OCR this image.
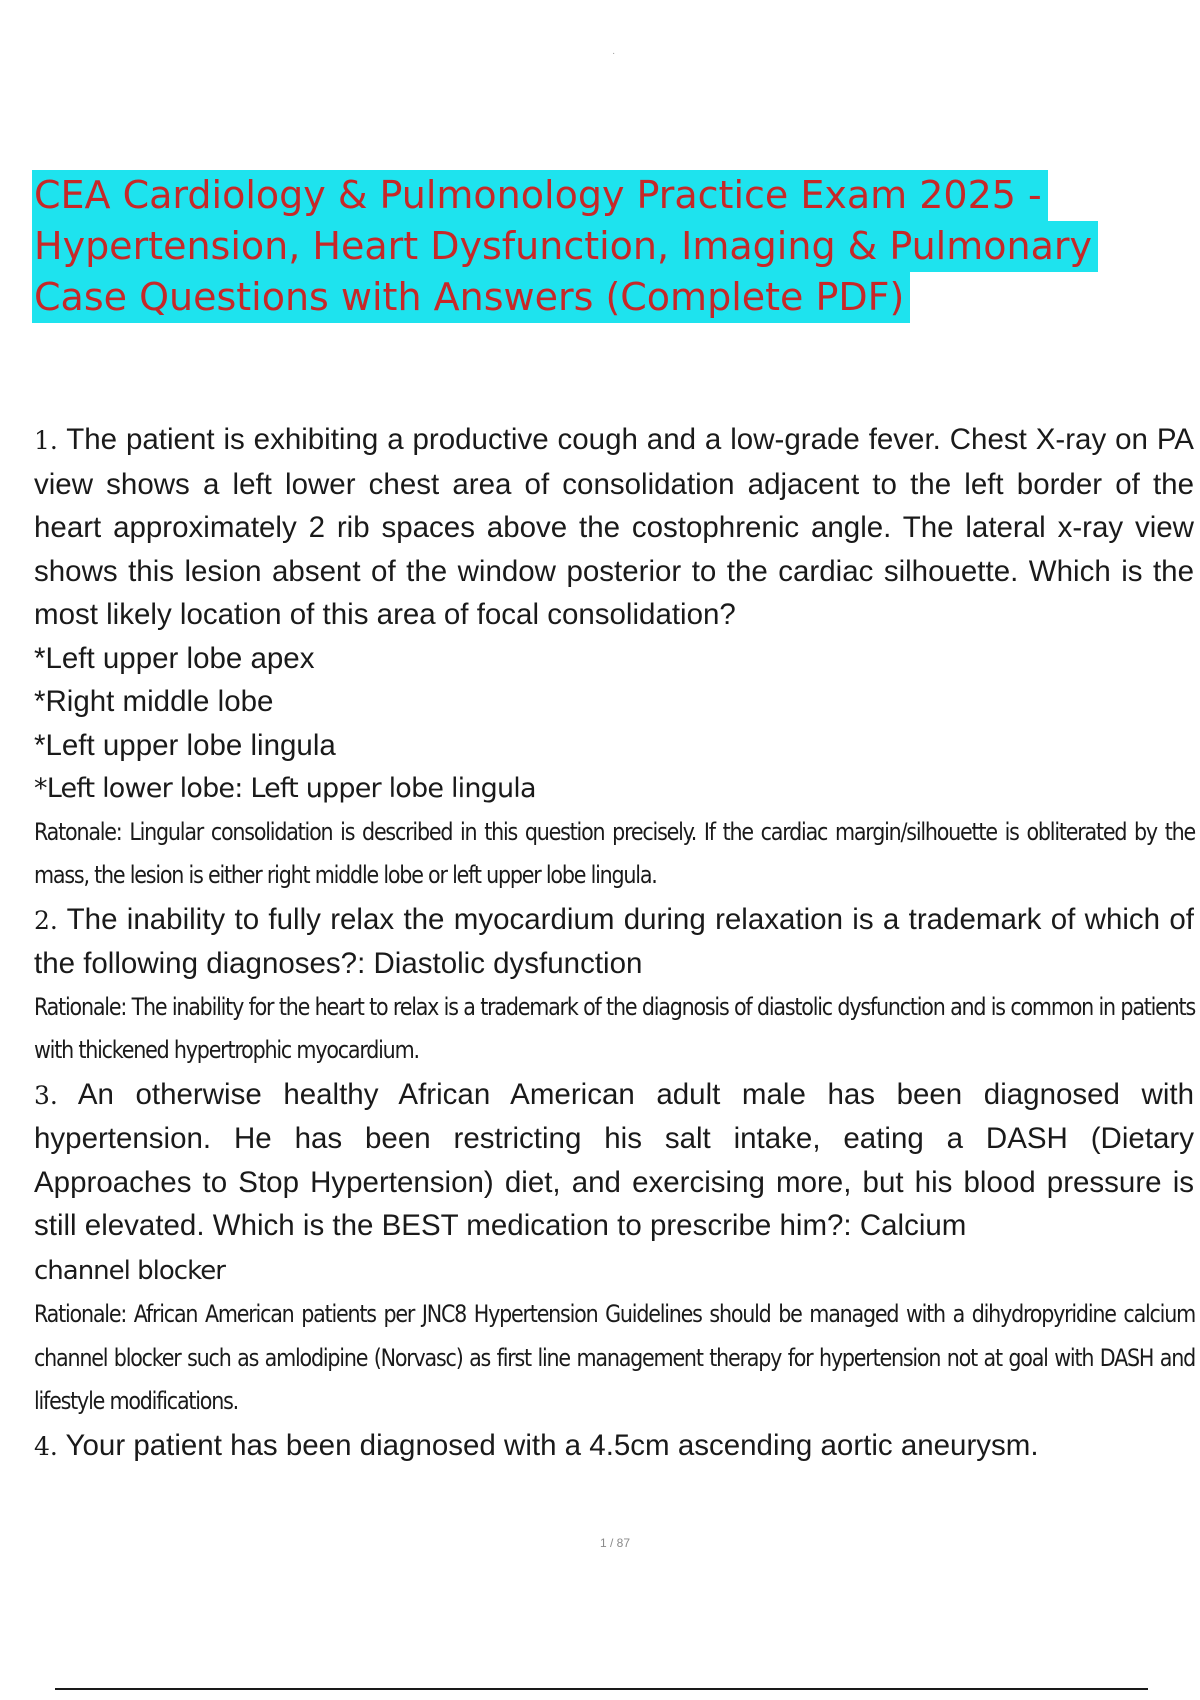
·
CEA Cardiology & Pulmonology Practice Exam 2025 -
Hypertension, Heart Dysfunction, Imaging & Pulmonary
Case Questions with Answers (Complete PDF)

1. The patient is exhibiting a productive cough and a low-grade fever. Chest X-ray on PA view shows a left lower chest area of consolidation adjacent to the left border of the heart approximately 2 rib spaces above the costophrenic angle. The lateral x-ray view shows this lesion absent of the window posterior to the cardiac silhouette. Which is the most likely location of this area of focal consolidation?

*Left upper lobe apex

*Right middle lobe

*Left upper lobe lingula

*Left lower lobe: Left upper lobe lingula

Ratonale: Lingular consolidation is described in this question precisely. If the cardiac margin/silhouette is obliterated by the mass, the lesion is either right middle lobe or left upper lobe lingula.

2. The inability to fully relax the myocardium during relaxation is a trademark of which of the following diagnoses?: Diastolic dysfunction

Rationale: The inability for the heart to relax is a trademark of the diagnosis of diastolic dysfunction and is common in patients with thickened hypertrophic myocardium.

3. An otherwise healthy African American adult male has been diagnosed with hypertension. He has been restricting his salt intake, eating a DASH (Dietary Approaches to Stop Hypertension) diet, and exercising more, but his blood pressure is still elevated. Which is the BEST medication to prescribe him?: Calcium

channel blocker

Rationale: African American patients per JNC8 Hypertension Guidelines should be managed with a dihydropyridine calcium channel blocker such as amlodipine (Norvasc) as first line management therapy for hypertension not at goal with DASH and lifestyle modifications.

4. Your patient has been diagnosed with a 4.5cm ascending aortic aneurysm.

1 / 87
